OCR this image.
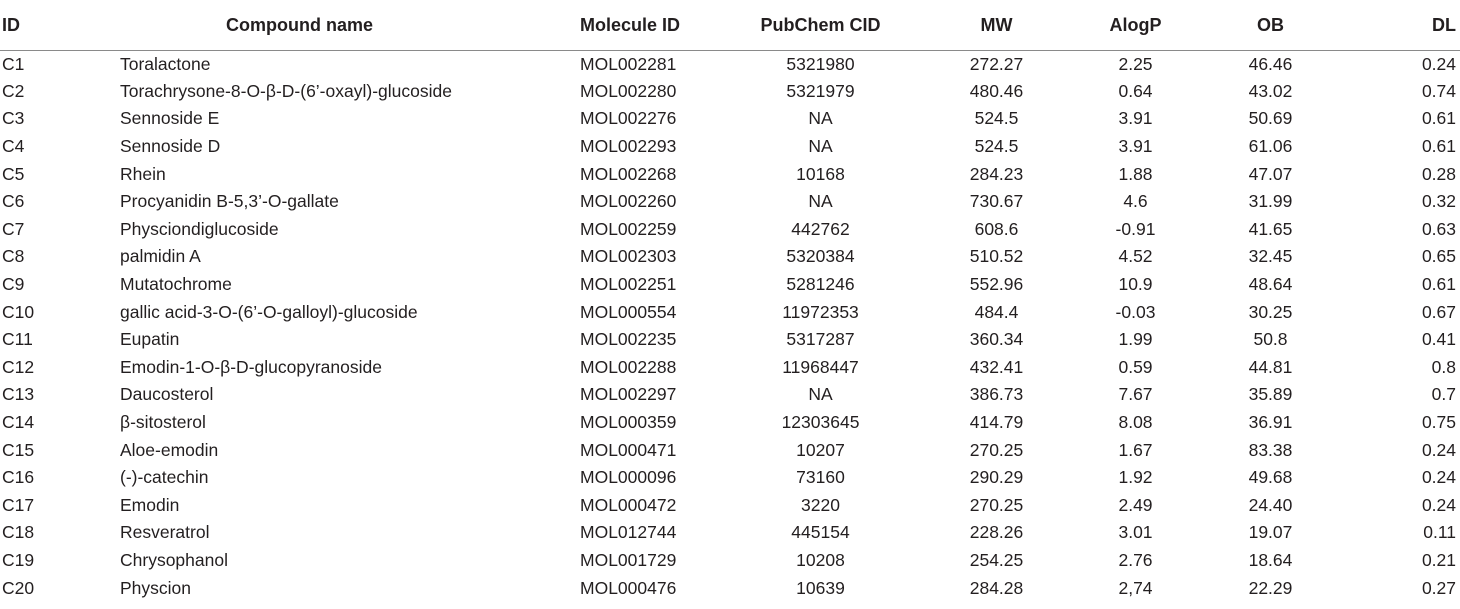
ID	Compound name	Molecule ID	PubChem CID	MW	AlogP	OB	DL
C1	Toralactone	MOL002281	5321980	272.27	2.25	46.46	0.24
C2	Torachrysone-8-O-β-D-(6’-oxayl)-glucoside	MOL002280	5321979	480.46	0.64	43.02	0.74
C3	Sennoside E	MOL002276	NA	524.5	3.91	50.69	0.61
C4	Sennoside D	MOL002293	NA	524.5	3.91	61.06	0.61
C5	Rhein	MOL002268	10168	284.23	1.88	47.07	0.28
C6	Procyanidin B-5,3’-O-gallate	MOL002260	NA	730.67	4.6	31.99	0.32
C7	Physciondiglucoside	MOL002259	442762	608.6	-0.91	41.65	0.63
C8	palmidin A	MOL002303	5320384	510.52	4.52	32.45	0.65
C9	Mutatochrome	MOL002251	5281246	552.96	10.9	48.64	0.61
C10	gallic acid-3-O-(6’-O-galloyl)-glucoside	MOL000554	11972353	484.4	-0.03	30.25	0.67
C11	Eupatin	MOL002235	5317287	360.34	1.99	50.8	0.41
C12	Emodin-1-O-β-D-glucopyranoside	MOL002288	11968447	432.41	0.59	44.81	0.8
C13	Daucosterol	MOL002297	NA	386.73	7.67	35.89	0.7
C14	β-sitosterol	MOL000359	12303645	414.79	8.08	36.91	0.75
C15	Aloe-emodin	MOL000471	10207	270.25	1.67	83.38	0.24
C16	(-)-catechin	MOL000096	73160	290.29	1.92	49.68	0.24
C17	Emodin	MOL000472	3220	270.25	2.49	24.40	0.24
C18	Resveratrol	MOL012744	445154	228.26	3.01	19.07	0.11
C19	Chrysophanol	MOL001729	10208	254.25	2.76	18.64	0.21
C20	Physcion	MOL000476	10639	284.28	2,74	22.29	0.27
